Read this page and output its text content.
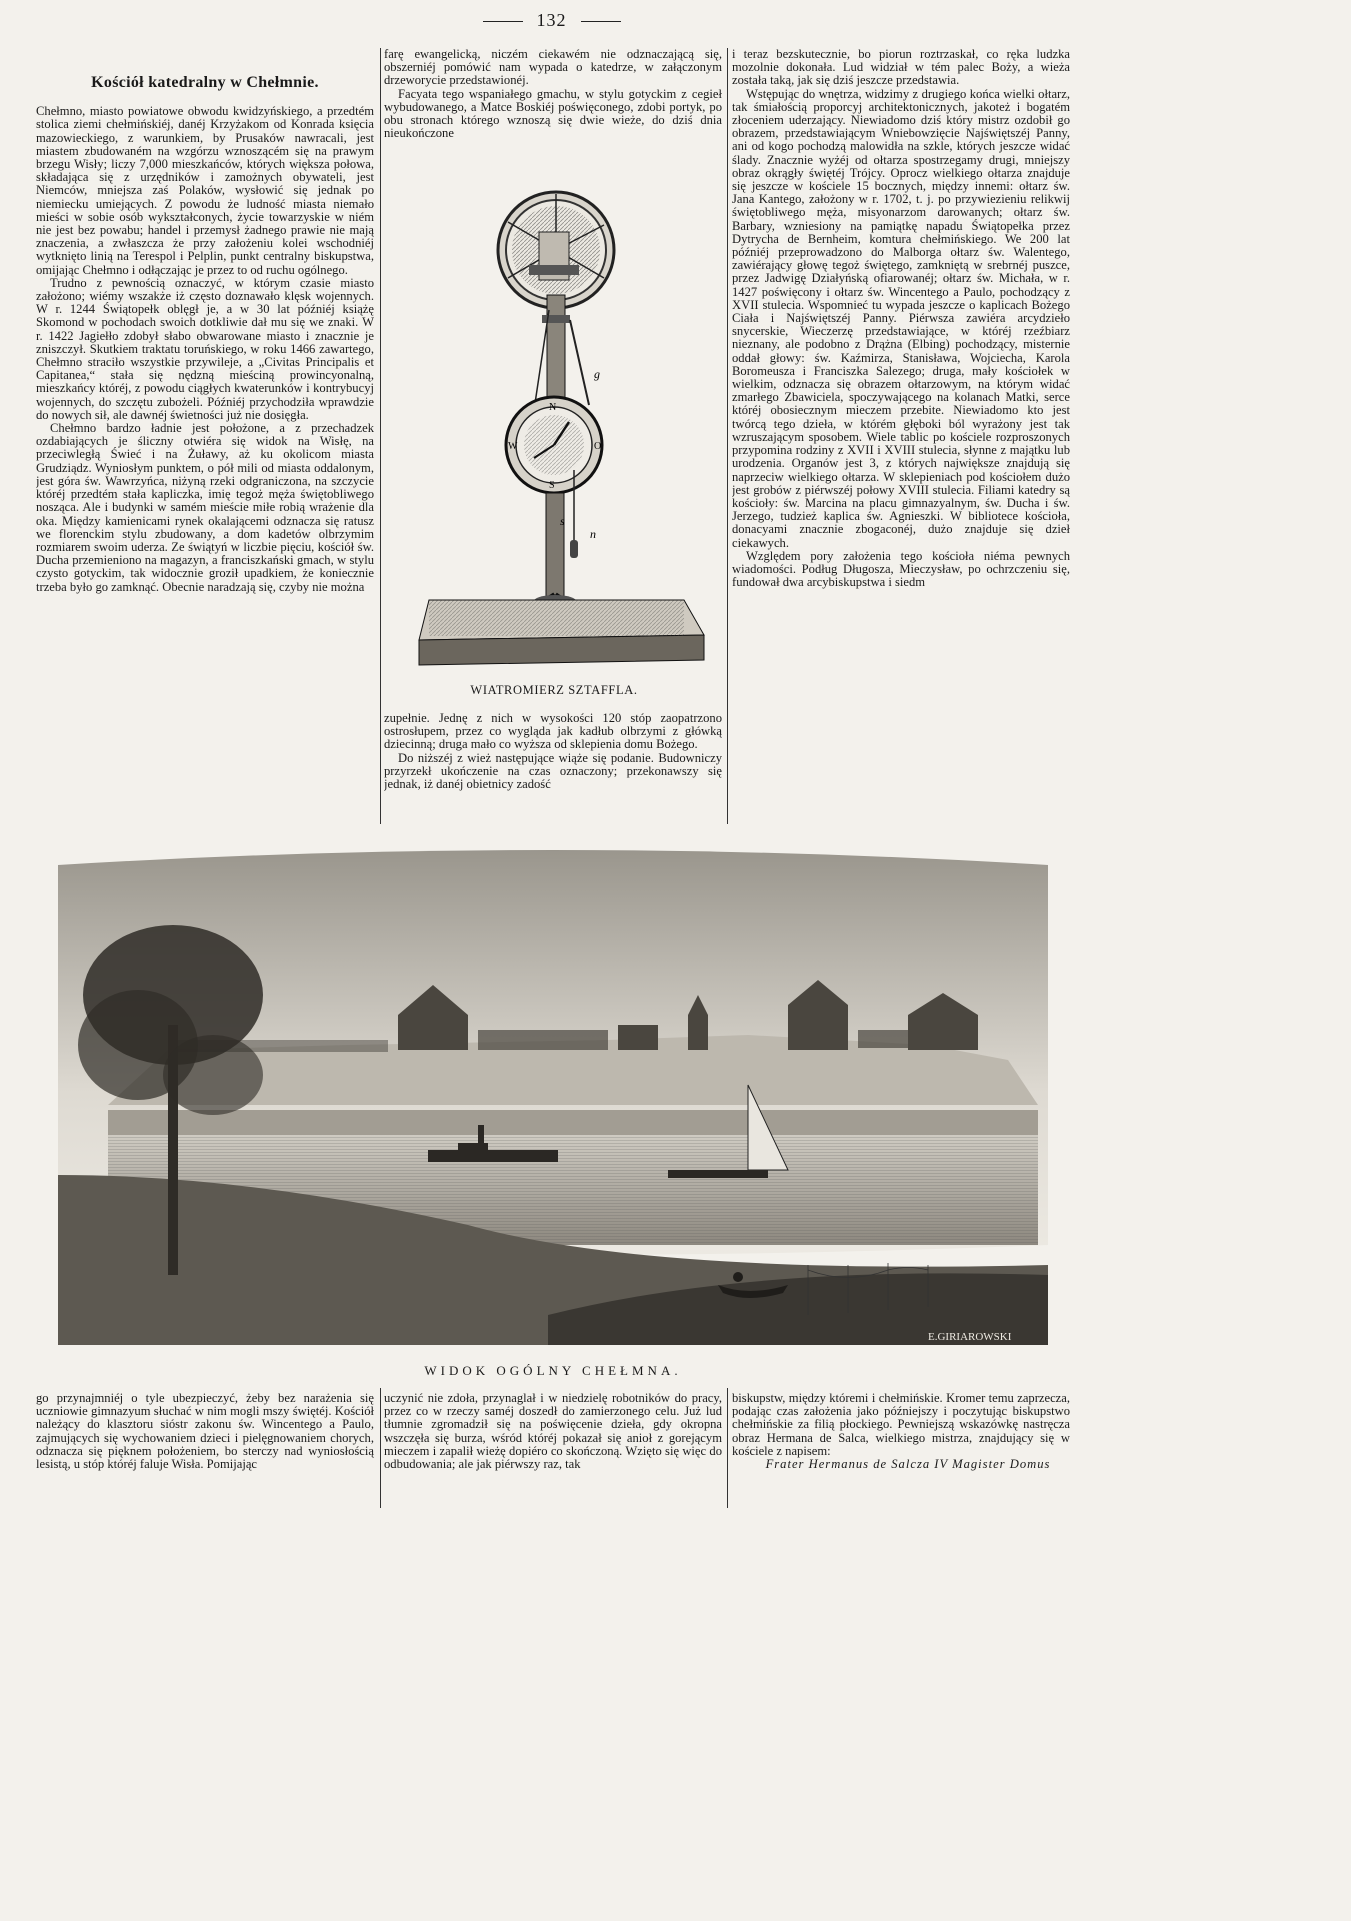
132
Kościół katedralny w Chełmnie.

Chełmno, miasto powiatowe obwodu kwidzyńskiego, a przedtém stolica ziemi chełmińskiéj, danéj Krzyżakom od Konrada księcia mazowieckiego, z warunkiem, by Prusaków nawracali, jest miastem zbudowaném na wzgórzu wznoszącém się na prawym brzegu Wisły; liczy 7,000 mieszkańców, których większa połowa, składająca się z urzędników i zamożnych obywateli, jest Niemców, mniejsza zaś Polaków, wysłowić się jednak po niemiecku umiejących. Z powodu że ludność miasta niemało mieści w sobie osób wykształconych, życie towarzyskie w niém nie jest bez powabu; handel i przemysł żadnego prawie nie mają znaczenia, a zwłaszcza że przy założeniu kolei wschodniéj wytknięto linią na Terespol i Pelplin, punkt centralny biskupstwa, omijając Chełmno i odłączając je przez to od ruchu ogólnego.

Trudno z pewnością oznaczyć, w którym czasie miasto założono; wiémy wszakże iż często doznawało klęsk wojennych. W r. 1244 Świątopełk oblęgł je, a w 30 lat późniéj książę Skomond w pochodach swoich dotkliwie dał mu się we znaki. W r. 1422 Jagiełło zdobył słabo obwarowane miasto i znacznie je zniszczył. Skutkiem traktatu toruńskiego, w roku 1466 zawartego, Chełmno straciło wszystkie przywileje, a „Civitas Principalis et Capitanea,“ stała się nędzną mieściną prowincyonalną, mieszkańcy któréj, z powodu ciągłych kwaterunków i kontrybucyj wojennych, do szczętu zubożeli. Późniéj przychodziła wprawdzie do nowych sił, ale dawnéj świetności już nie dosięgła.

Chełmno bardzo ładnie jest położone, a z przechadzek ozdabiających je śliczny otwiéra się widok na Wisłę, na przeciwległą Świeć i na Żuławy, aż ku okolicom miasta Grudziądz. Wyniosłym punktem, o pół mili od miasta oddalonym, jest góra św. Wawrzyńca, niżyną rzeki odgraniczona, na szczycie któréj przedtém stała kapliczka, imię tegoż męża świętobliwego nosząca. Ale i budynki w samém mieście miłe robią wrażenie dla oka. Między kamienicami rynek okalającemi odznacza się ratusz we florenckim stylu zbudowany, a dom kadetów olbrzymim rozmiarem swoim uderza. Ze świątyń w liczbie pięciu, kościół św. Ducha przemieniono na magazyn, a franciszkański gmach, w stylu czysto gotyckim, tak widocznie groził upadkiem, że koniecznie trzeba było go zamknąć. Obecnie naradzają się, czyby nie można

farę ewangelicką, niczém ciekawém nie odznaczającą się, obszerniéj pomówić nam wypada o katedrze, w załączonym drzeworycie przedstawionéj.

Facyata tego wspaniałego gmachu, w stylu gotyckim z cegieł wybudowanego, a Matce Boskiéj poświęconego, zdobi portyk, po obu stronach którego wznoszą się dwie wieże, do dziś dnia nieukończone

g
N
O
S
W
s
n
WIATROMIERZ SZTAFFLA.

zupełnie. Jednę z nich w wysokości 120 stóp zaopatrzono ostrosłupem, przez co wygląda jak kadłub olbrzymi z główką dziecinną; druga mało co wyższa od sklepienia domu Bożego.

Do niższéj z wież następujące wiąże się podanie. Budowniczy przyrzekł ukończenie na czas oznaczony; przekonawszy się jednak, iż danéj obietnicy zadość

i teraz bezskutecznie, bo piorun roztrzaskał, co ręka ludzka mozolnie dokonała. Lud widział w tém palec Boży, a wieża została taką, jak się dziś jeszcze przedstawia.

Wstępując do wnętrza, widzimy z drugiego końca wielki ołtarz, tak śmiałością proporcyj architektonicznych, jakoteż i bogatém złoceniem uderzający. Niewiadomo dziś który mistrz ozdobił go obrazem, przedstawiającym Wniebowzięcie Najświętszéj Panny, ani od kogo pochodzą malowidła na szkle, których jeszcze widać ślady. Znacznie wyżéj od ołtarza spostrzegamy drugi, mniejszy obraz okrągły świętéj Trójcy. Oprocz wielkiego ołtarza znajduje się jeszcze w kościele 15 bocznych, między innemi: ołtarz św. Jana Kantego, założony w r. 1702, t. j. po przywiezieniu relikwij świętobliwego męża, misyonarzom darowanych; ołtarz św. Barbary, wzniesiony na pamiątkę napadu Świątopełka przez Dytrycha de Bernheim, komtura chełmińskiego. We 200 lat późniéj przeprowadzono do Malborga ołtarz św. Walentego, zawiérający głowę tegoż świętego, zamkniętą w srebrnéj puszce, przez Jadwigę Działyńską ofiarowanéj; ołtarz św. Michała, w r. 1427 poświęcony i ołtarz św. Wincentego a Paulo, pochodzący z XVII stulecia. Wspomnieć tu wypada jeszcze o kaplicach Bożego Ciała i Najświętszéj Panny. Piérwsza zawiéra arcydzieło snycerskie, Wieczerzę przedstawiające, w któréj rzeźbiarz nieznany, ale podobno z Drążna (Elbing) pochodzący, misternie oddał głowy: św. Kaźmirza, Stanisława, Wojciecha, Karola Boromeusza i Franciszka Salezego; druga, mały kościołek w wielkim, odznacza się obrazem ołtarzowym, na którym widać zmarłego Zbawiciela, spoczywającego na kolanach Matki, serce któréj obosiecznym mieczem przebite. Niewiadomo kto jest twórcą tego dzieła, w którém głęboki ból wyrażony jest tak wzruszającym sposobem. Wiele tablic po kościele rozproszonych przypomina rodziny z XVII i XVIII stulecia, słynne z majątku lub urodzenia. Organów jest 3, z których największe znajdują się naprzeciw wielkiego ołtarza. W sklepieniach pod kościołem dużo jest grobów z piérwszéj połowy XVIII stulecia. Filiami katedry są kościoły: św. Marcina na placu gimnazyalnym, św. Ducha i św. Jerzego, tudzież kaplica św. Agnieszki. W bibliotece kościoła, donacyami znacznie zbogaconéj, dużo znajduje się dzieł ciekawych.

Względem pory założenia tego kościoła niéma pewnych wiadomości. Podług Długosza, Mieczysław, po ochrzczeniu się, fundował dwa arcybiskupstwa i siedm

E.GIRIAROWSKI
WIDOK OGÓLNY CHEŁMNA.

go przynajmniéj o tyle ubezpieczyć, żeby bez narażenia się uczniowie gimnazyum słuchać w nim mogli mszy świętéj. Kościół należący do klasztoru sióstr zakonu św. Wincentego a Paulo, zajmujących się wychowaniem dzieci i pielęgnowaniem chorych, odznacza się pięknem położeniem, bo sterczy nad wyniosłością lesistą, u stóp któréj faluje Wisła. Pomijając

uczynić nie zdoła, przynaglał i w niedzielę robotników do pracy, przez co w rzeczy saméj doszedł do zamierzonego celu. Już lud tłumnie zgromadził się na poświęcenie dzieła, gdy okropna wszczęła się burza, wśród któréj pokazał się anioł z gorejącym mieczem i zapalił wieżę dopiéro co skończoną. Wzięto się więc do odbudowania; ale jak piérwszy raz, tak

biskupstw, między któremi i chełmińskie. Kromer temu zaprzecza, podając czas założenia jako późniejszy i poczytując biskupstwo chełmińskie za filią płockiego. Pewniejszą wskazówkę nastręcza obraz Hermana de Salca, wielkiego mistrza, znajdujący się w kościele z napisem:

Frater Hermanus de Salcza IV Magister Domus
